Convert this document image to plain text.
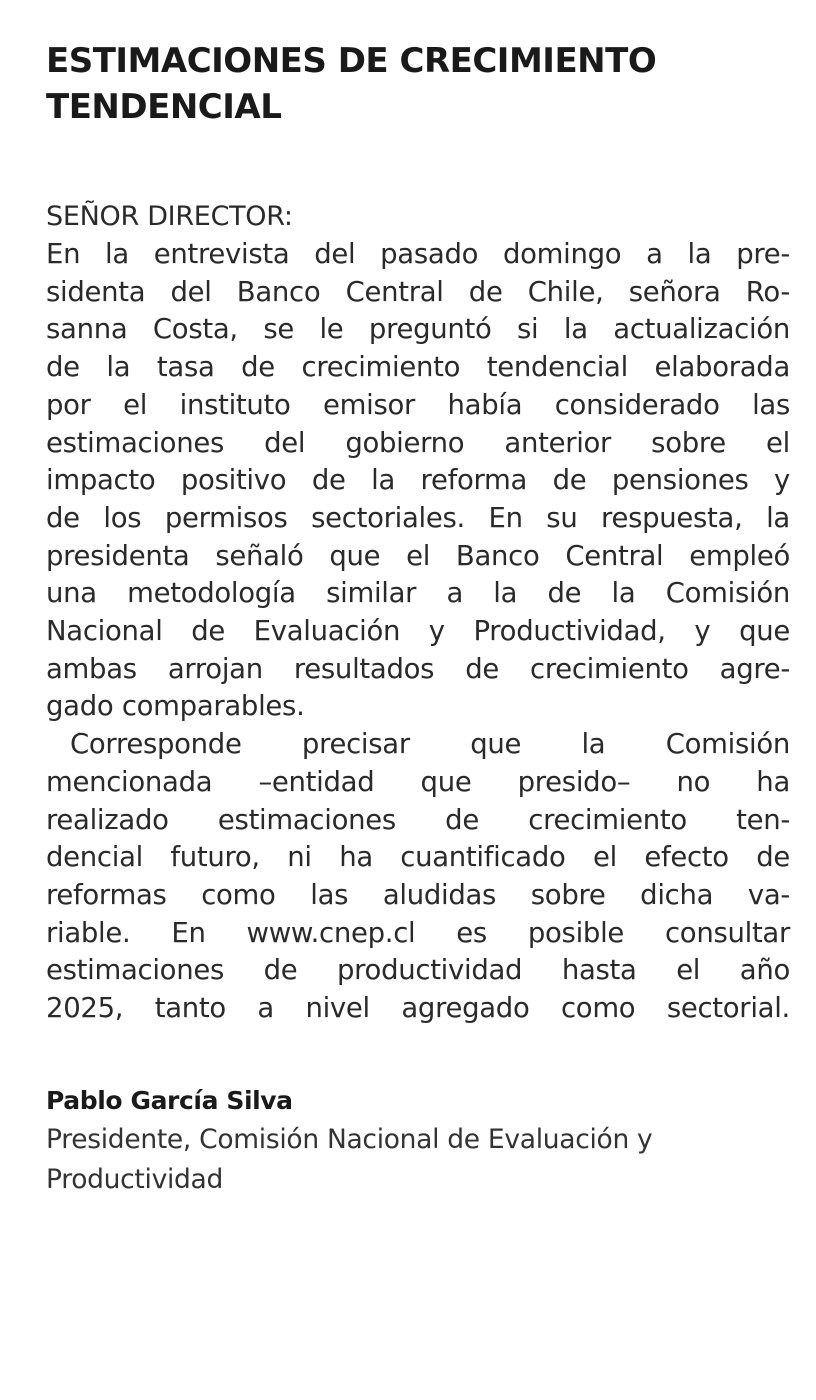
ESTIMACIONES DE CRECIMIENTO
TENDENCIAL

SEÑOR DIRECTOR:

En la entrevista del pasado domingo a la pre-
sidenta del Banco Central de Chile, señora Ro-
sanna Costa, se le preguntó si la actualización
de la tasa de crecimiento tendencial elaborada
por el instituto emisor había considerado las
estimaciones del gobierno anterior sobre el
impacto positivo de la reforma de pensiones y
de los permisos sectoriales. En su respuesta, la
presidenta señaló que el Banco Central empleó
una metodología similar a la de la Comisión
Nacional de Evaluación y Productividad, y que
ambas arrojan resultados de crecimiento agre-
gado comparables.

Corresponde precisar que la Comisión
mencionada –entidad que presido– no ha
realizado estimaciones de crecimiento ten-
dencial futuro, ni ha cuantificado el efecto de
reformas como las aludidas sobre dicha va-
riable. En www.cnep.cl es posible consultar
estimaciones de productividad hasta el año
2025, tanto a nivel agregado como sectorial.

Pablo García Silva
Presidente, Comisión Nacional de Evaluación y
Productividad
